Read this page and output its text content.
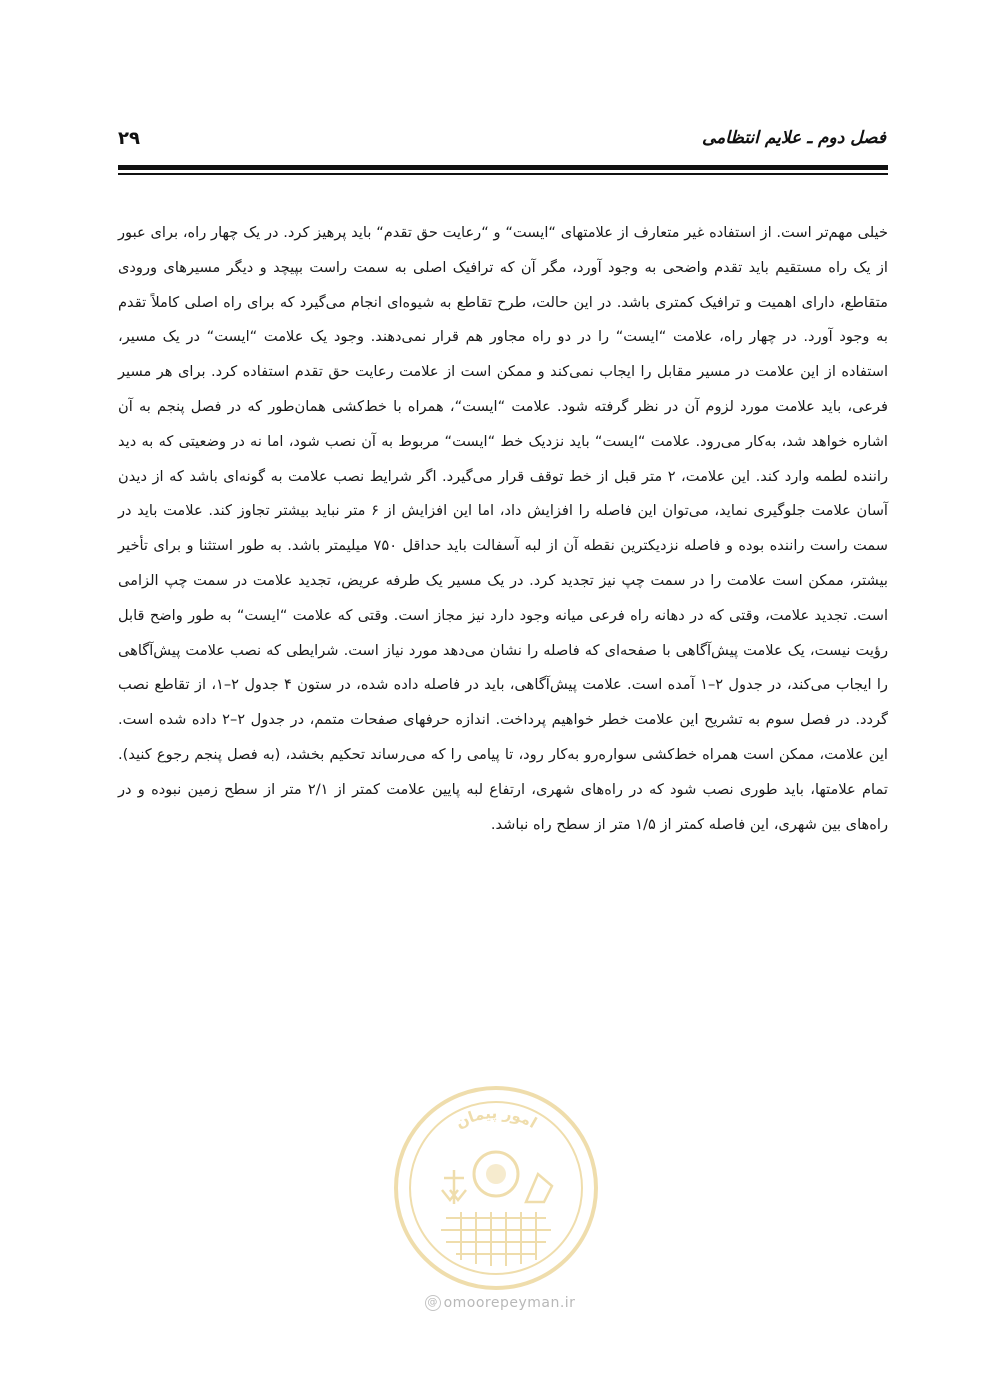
فصل دوم ـ علایم انتظامی
۲۹

خیلی مهم‌تر است. از استفاده غیر متعارف از علامتهای “ایست“ و “رعایت حق تقدم“ باید پرهیز کرد. در یک چهار راه، برای عبور از یک راه مستقیم باید تقدم واضحی به وجود آورد، مگر آن که ترافیک اصلی به سمت راست بپیچد و دیگر مسیرهای ورودی متقاطع، دارای اهمیت و ترافیک کمتری باشد. در این حالت، طرح تقاطع به شیوه‌ای انجام می‌گیرد که برای راه اصلی کاملاً تقدم به وجود آورد. در چهار راه، علامت “ایست“ را در دو راه مجاور هم قرار نمی‌دهند. وجود یک علامت “ایست“ در یک مسیر، استفاده از این علامت در مسیر مقابل را ایجاب نمی‌کند و ممکن است از علامت رعایت حق تقدم استفاده کرد. برای هر مسیر فرعی، باید علامت مورد لزوم آن در نظر گرفته شود. علامت “ایست“، همراه با خط‌کشی همان‌طور که در فصل پنجم به آن اشاره خواهد شد، به‌کار می‌رود. علامت “ایست“ باید نزدیک خط “ایست“ مربوط به آن نصب شود، اما نه در وضعیتی که به دید راننده لطمه وارد کند. این علامت، ۲ متر قبل از خط توقف قرار می‌گیرد. اگر شرایط نصب علامت به گونه‌ای باشد که از دیدن آسان علامت جلوگیری نماید، می‌توان این فاصله را افزایش داد، اما این افزایش از ۶ متر نباید بیشتر تجاوز کند. علامت باید در سمت راست راننده بوده و فاصله نزدیکترین نقطه آن از لبه آسفالت باید حداقل ۷۵۰ میلیمتر باشد. به طور استثنا و برای تأخیر بیشتر، ممکن است علامت را در سمت چپ نیز تجدید کرد. در یک مسیر یک طرفه عریض، تجدید علامت در سمت چپ الزامی است. تجدید علامت، وقتی که در دهانه راه فرعی میانه وجود دارد نیز مجاز است. وقتی که علامت “ایست“ به طور واضح قابل رؤیت نیست، یک علامت پیش‌آگاهی با صفحه‌ای که فاصله را نشان می‌دهد مورد نیاز است. شرایطی که نصب علامت پیش‌آگاهی را ایجاب می‌کند، در جدول ۲–۱ آمده است. علامت پیش‌آگاهی، باید در فاصله داده شده، در ستون ۴ جدول ۲–۱، از تقاطع نصب گردد. در فصل سوم به تشریح این علامت خطر خواهیم پرداخت. اندازه حرفهای صفحات متمم، در جدول ۲–۲ داده شده است. این علامت، ممکن است همراه خط‌کشی سواره‌رو به‌کار رود، تا پیامی را که می‌رساند تحکیم بخشد، (به فصل پنجم رجوع کنید). تمام علامتها، باید طوری نصب شود که در راه‌های شهری، ارتفاع لبه پایین علامت کمتر از ۲/۱ متر از سطح زمین نبوده و در راه‌های بین شهری، این فاصله کمتر از ۱/۵ متر از سطح راه نباشد.

امور پیمان
@ omoorepeyman.ir
